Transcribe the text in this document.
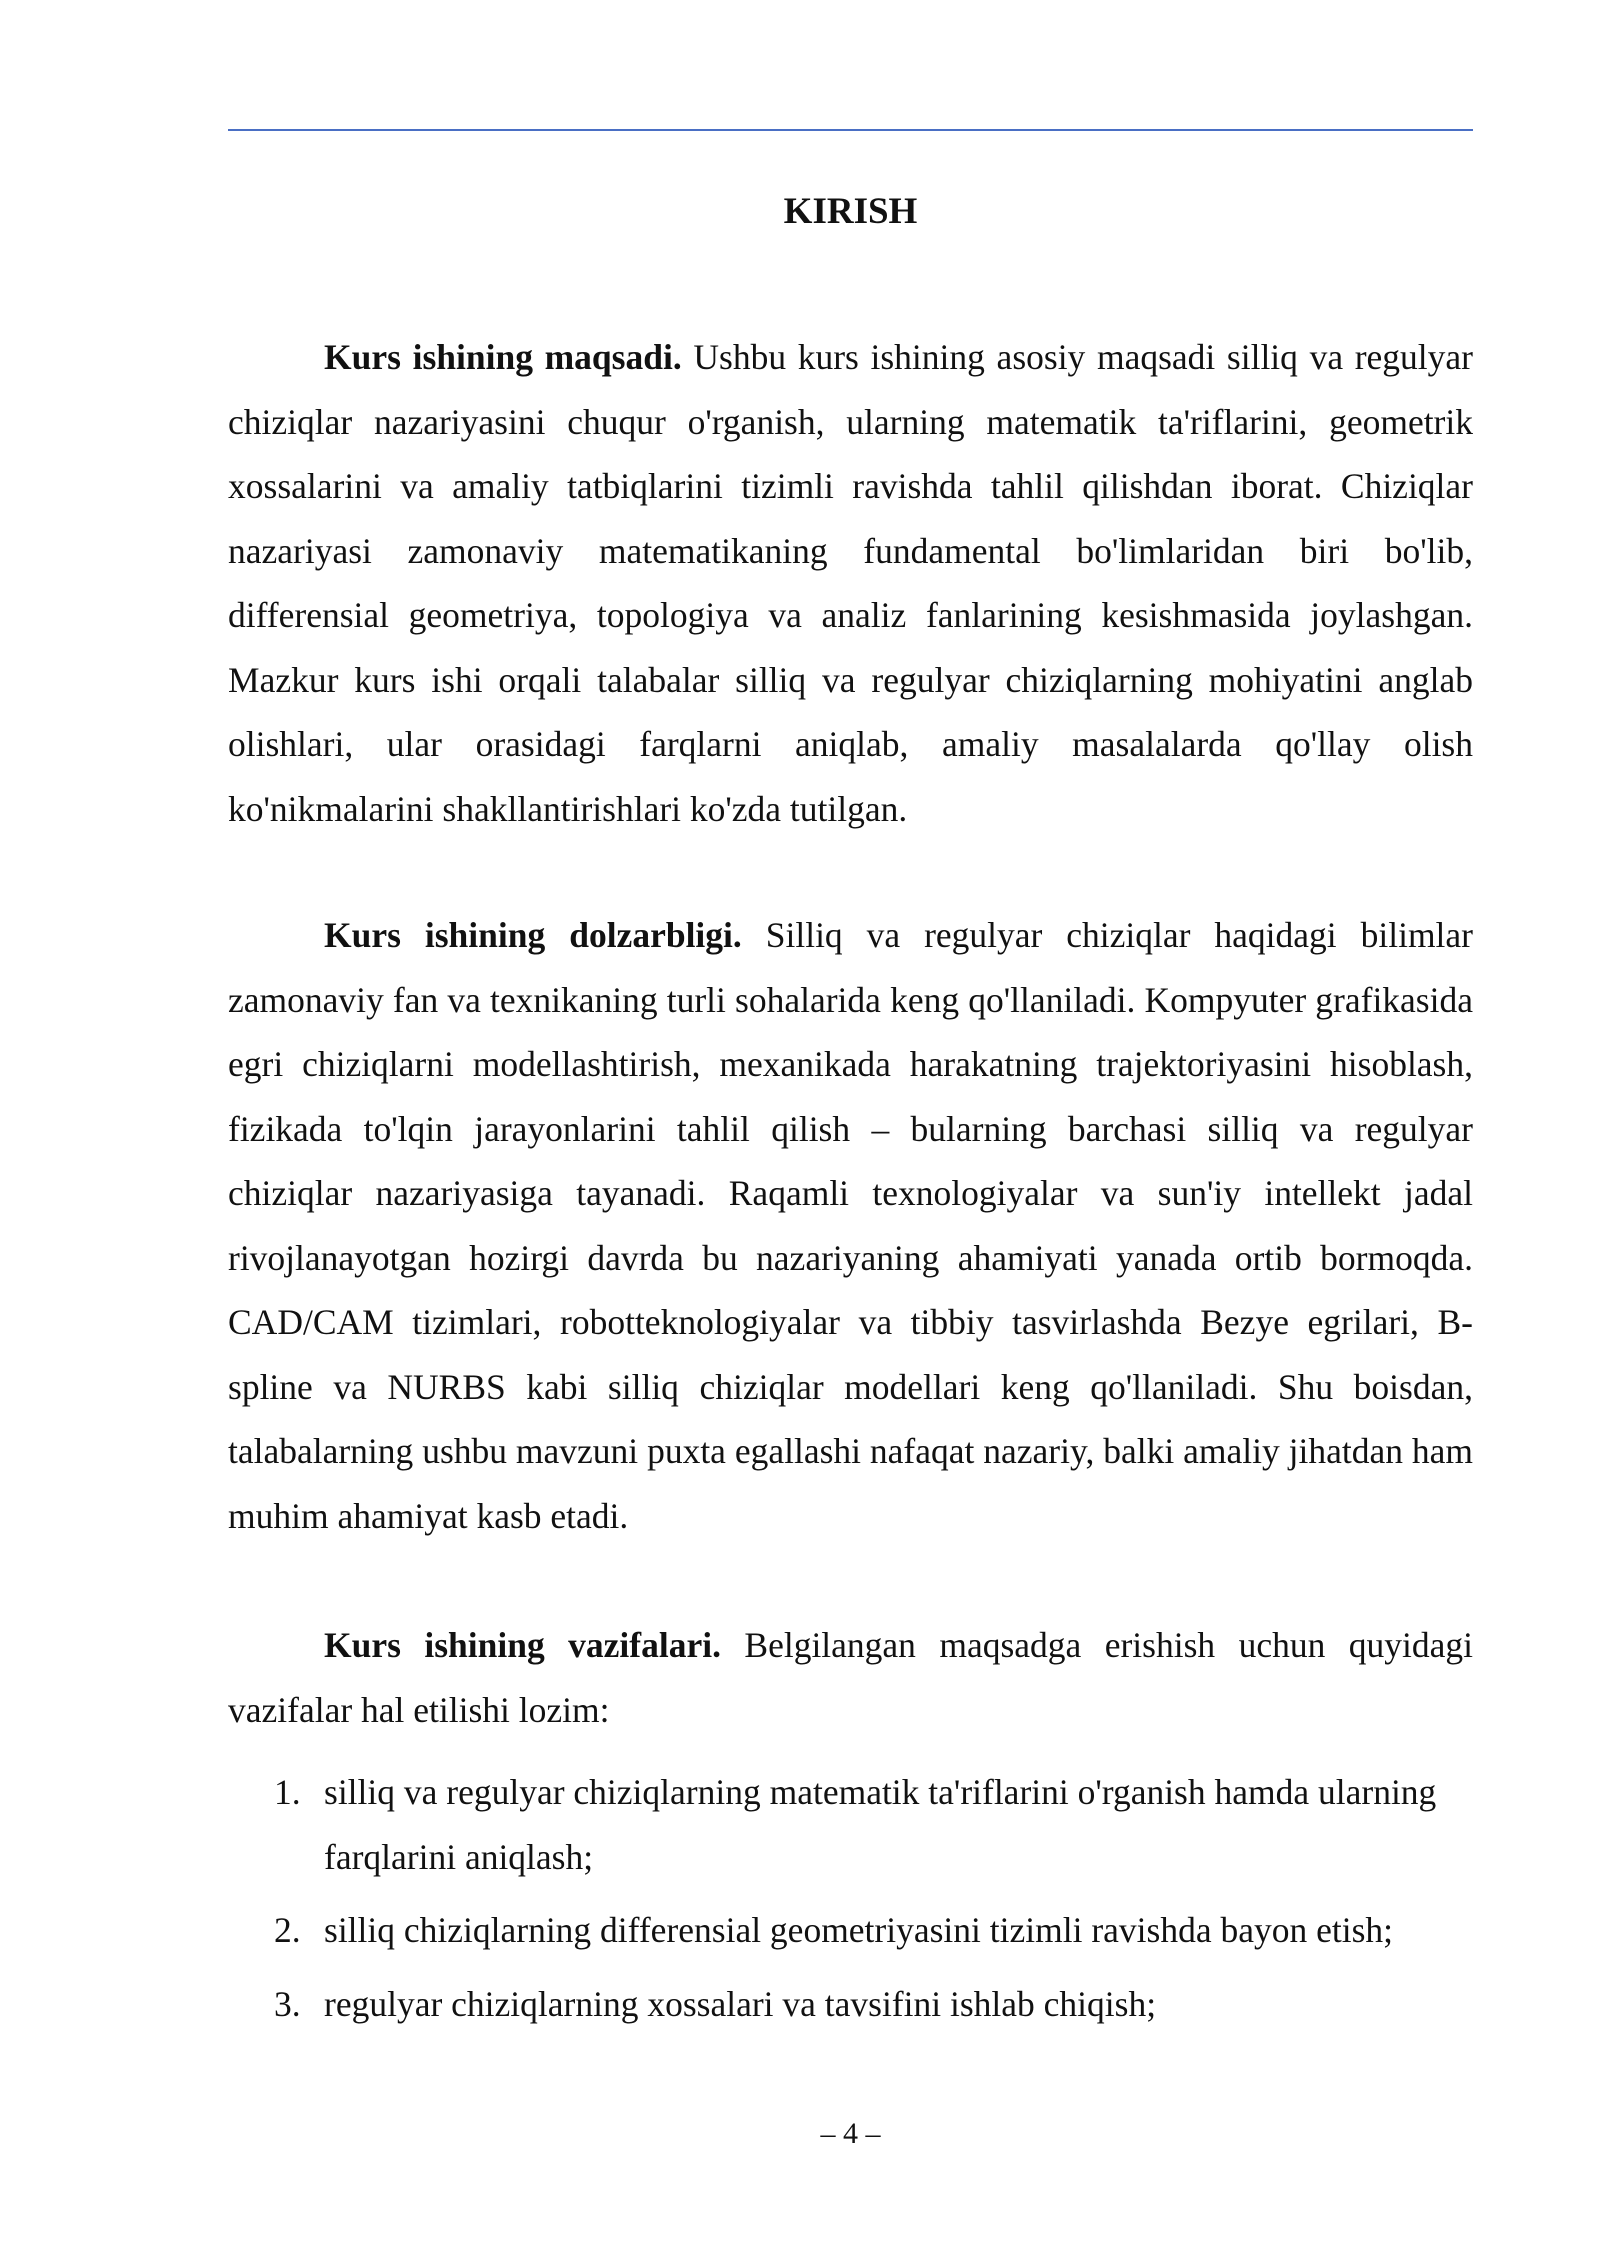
KIRISH

Kurs ishining maqsadi. Ushbu kurs ishining asosiy maqsadi silliq va regulyar chiziqlar nazariyasini chuqur o'rganish, ularning matematik ta'riflarini, geometrik xossalarini va amaliy tatbiqlarini tizimli ravishda tahlil qilishdan iborat. Chiziqlar nazariyasi zamonaviy matematikaning fundamental bo'limlaridan biri bo'lib, differensial geometriya, topologiya va analiz fanlarining kesishmasida joylashgan. Mazkur kurs ishi orqali talabalar silliq va regulyar chiziqlarning mohiyatini anglab olishlari, ular orasidagi farqlarni aniqlab, amaliy masalalarda qo'llay olish ko'nikmalarini shakllantirishlari ko'zda tutilgan.

Kurs ishining dolzarbligi. Silliq va regulyar chiziqlar haqidagi bilimlar zamonaviy fan va texnikaning turli sohalarida keng qo'llaniladi. Kompyuter grafikasida egri chiziqlarni modellashtirish, mexanikada harakatning trajektoriyasini hisoblash, fizikada to'lqin jarayonlarini tahlil qilish – bularning barchasi silliq va regulyar chiziqlar nazariyasiga tayanadi. Raqamli texnologiyalar va sun'iy intellekt jadal rivojlanayotgan hozirgi davrda bu nazariyaning ahamiyati yanada ortib bormoqda. CAD/CAM tizimlari, robotteknologiyalar va tibbiy tasvirlashda Bezye egrilari, B-spline va NURBS kabi silliq chiziqlar modellari keng qo'llaniladi. Shu boisdan, talabalarning ushbu mavzuni puxta egallashi nafaqat nazariy, balki amaliy jihatdan ham muhim ahamiyat kasb etadi.

Kurs ishining vazifalari. Belgilangan maqsadga erishish uchun quyidagi vazifalar hal etilishi lozim:

1. silliq va regulyar chiziqlarning matematik ta'riflarini o'rganish hamda ularning farqlarini aniqlash;
2. silliq chiziqlarning differensial geometriyasini tizimli ravishda bayon etish;
3. regulyar chiziqlarning xossalari va tavsifini ishlab chiqish;
– 4 –
